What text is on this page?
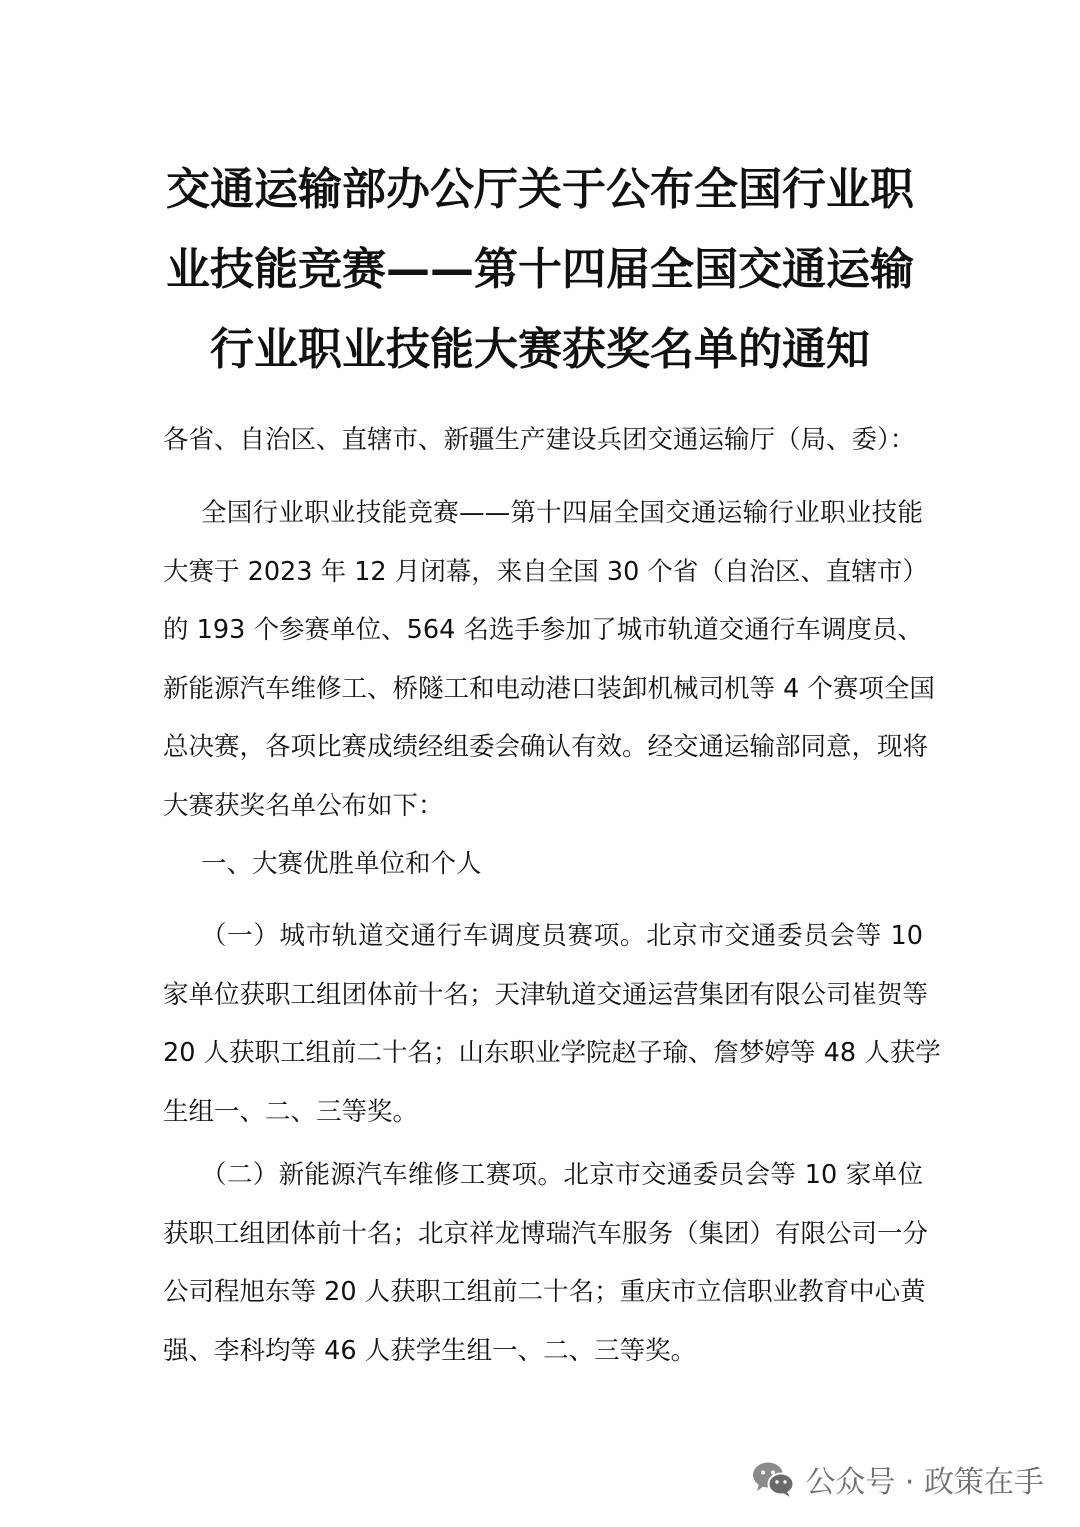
交通运输部办公厅关于公布全国行业职
业技能竞赛——第十四届全国交通运输
行业职业技能大赛获奖名单的通知
各省、自治区、直辖市、新疆生产建设兵团交通运输厅（局、委）：
全国行业职业技能竞赛——第十四届全国交通运输行业职业技能
大赛于 2023 年 12 月闭幕，来自全国 30 个省（自治区、直辖市）
的 193 个参赛单位、564 名选手参加了城市轨道交通行车调度员、
新能源汽车维修工、桥隧工和电动港口装卸机械司机等 4 个赛项全国
总决赛，各项比赛成绩经组委会确认有效。经交通运输部同意，现将
大赛获奖名单公布如下：
一、大赛优胜单位和个人
（一）城市轨道交通行车调度员赛项。北京市交通委员会等 10
家单位获职工组团体前十名；天津轨道交通运营集团有限公司崔贺等
20 人获职工组前二十名；山东职业学院赵子瑜、詹梦婷等 48 人获学
生组一、二、三等奖。
（二）新能源汽车维修工赛项。北京市交通委员会等 10 家单位
获职工组团体前十名；北京祥龙博瑞汽车服务（集团）有限公司一分
公司程旭东等 20 人获职工组前二十名；重庆市立信职业教育中心黄
强、李科均等 46 人获学生组一、二、三等奖。
公众号 · 政策在手
